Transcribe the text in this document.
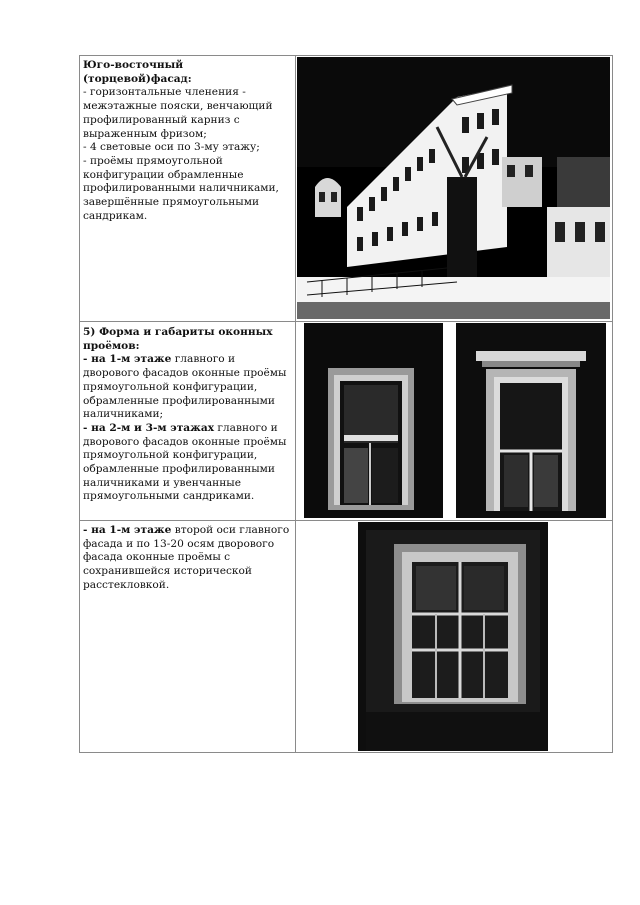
Юго-восточный (торцевой)фасад:
- горизонтальные членения - межэтажные пояски, венчающий профилированный карниз с выраженным фризом;
- 4 световые оси по 3-му этажу;
- проёмы прямоугольной конфигурации обрамленные профилированными наличниками, завершённые прямоугольными сандрикам.
5) Форма и габариты оконных проёмов:
- на 1-м этаже главного и дворового фасадов оконные проёмы прямоугольной конфигурации, обрамленные профилированными наличниками;
- на 2-м и 3-м этажах главного и дворового фасадов оконные проёмы прямоугольной конфигурации, обрамленные профилированными наличниками и увенчанные прямоугольными сандриками.
- на 1-м этаже второй оси главного фасада и по 13-20 осям дворового фасада оконные проёмы с сохранившейся исторической расстекловкой.
